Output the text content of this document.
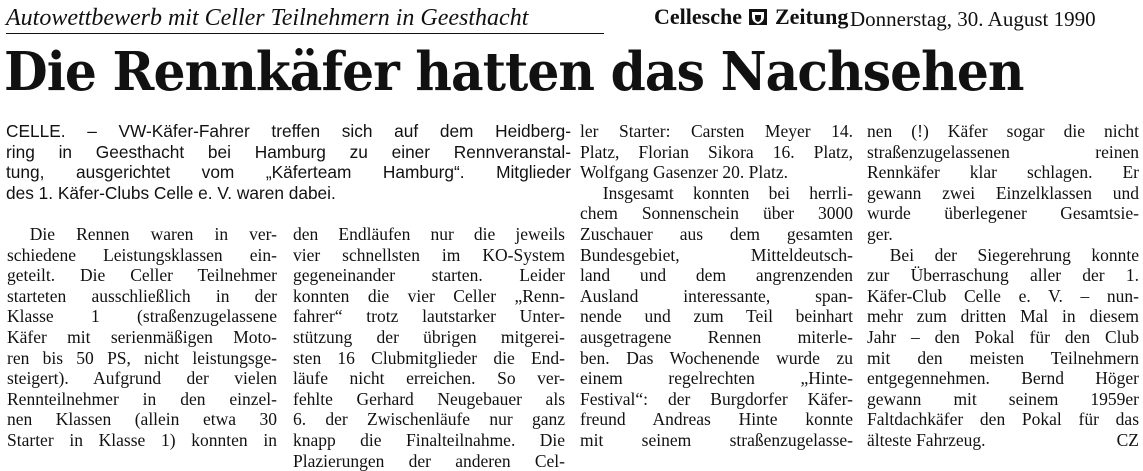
Autowettbewerb mit Celler Teilnehmern in Geesthacht	Cellesche Zeitung Donnerstag, 30. August 1990
Die Rennkäfer hatten das Nachsehen
CELLE. – VW-Käfer-Fahrer treffen sich auf dem Heidberg-
ring in Geesthacht bei Hamburg zu einer Rennveranstal-
tung, ausgerichtet vom „Käferteam Hamburg“. Mitglieder
des 1. Käfer-Clubs Celle e. V. waren dabei.
Die Rennen waren in ver-
schiedene Leistungsklassen ein-
geteilt. Die Celler Teilnehmer
starteten ausschließlich in der
Klasse 1 (straßenzugelassene
Käfer mit serienmäßigen Moto-
ren bis 50 PS, nicht leistungsge-
steigert). Aufgrund der vielen
Rennteilnehmer in den einzel-
nen Klassen (allein etwa 30
Starter in Klasse 1) konnten in
den Endläufen nur die jeweils
vier schnellsten im KO-System
gegeneinander starten. Leider
konnten die vier Celler „Renn-
fahrer“ trotz lautstarker Unter-
stützung der übrigen mitgerei-
sten 16 Clubmitglieder die End-
läufe nicht erreichen. So ver-
fehlte Gerhard Neugebauer als
6. der Zwischenläufe nur ganz
knapp die Finalteilnahme. Die
Plazierungen der anderen Cel-
ler Starter: Carsten Meyer 14.
Platz, Florian Sikora 16. Platz,
Wolfgang Gasenzer 20. Platz.
Insgesamt konnten bei herrli-
chem Sonnenschein über 3000
Zuschauer aus dem gesamten
Bundesgebiet, Mitteldeutsch-
land und dem angrenzenden
Ausland interessante, span-
nende und zum Teil beinhart
ausgetragene Rennen miterle-
ben. Das Wochenende wurde zu
einem regelrechten „Hinte-
Festival“: der Burgdorfer Käfer-
freund Andreas Hinte konnte
mit seinem straßenzugelasse-
nen (!) Käfer sogar die nicht
straßenzugelassenen reinen
Rennkäfer klar schlagen. Er
gewann zwei Einzelklassen und
wurde überlegener Gesamtsie-
ger.
Bei der Siegerehrung konnte
zur Überraschung aller der 1.
Käfer-Club Celle e. V. – nun-
mehr zum dritten Mal in diesem
Jahr – den Pokal für den Club
mit den meisten Teilnehmern
entgegennehmen. Bernd Höger
gewann mit seinem 1959er
Faltdachkäfer den Pokal für das
älteste Fahrzeug.	CZ
